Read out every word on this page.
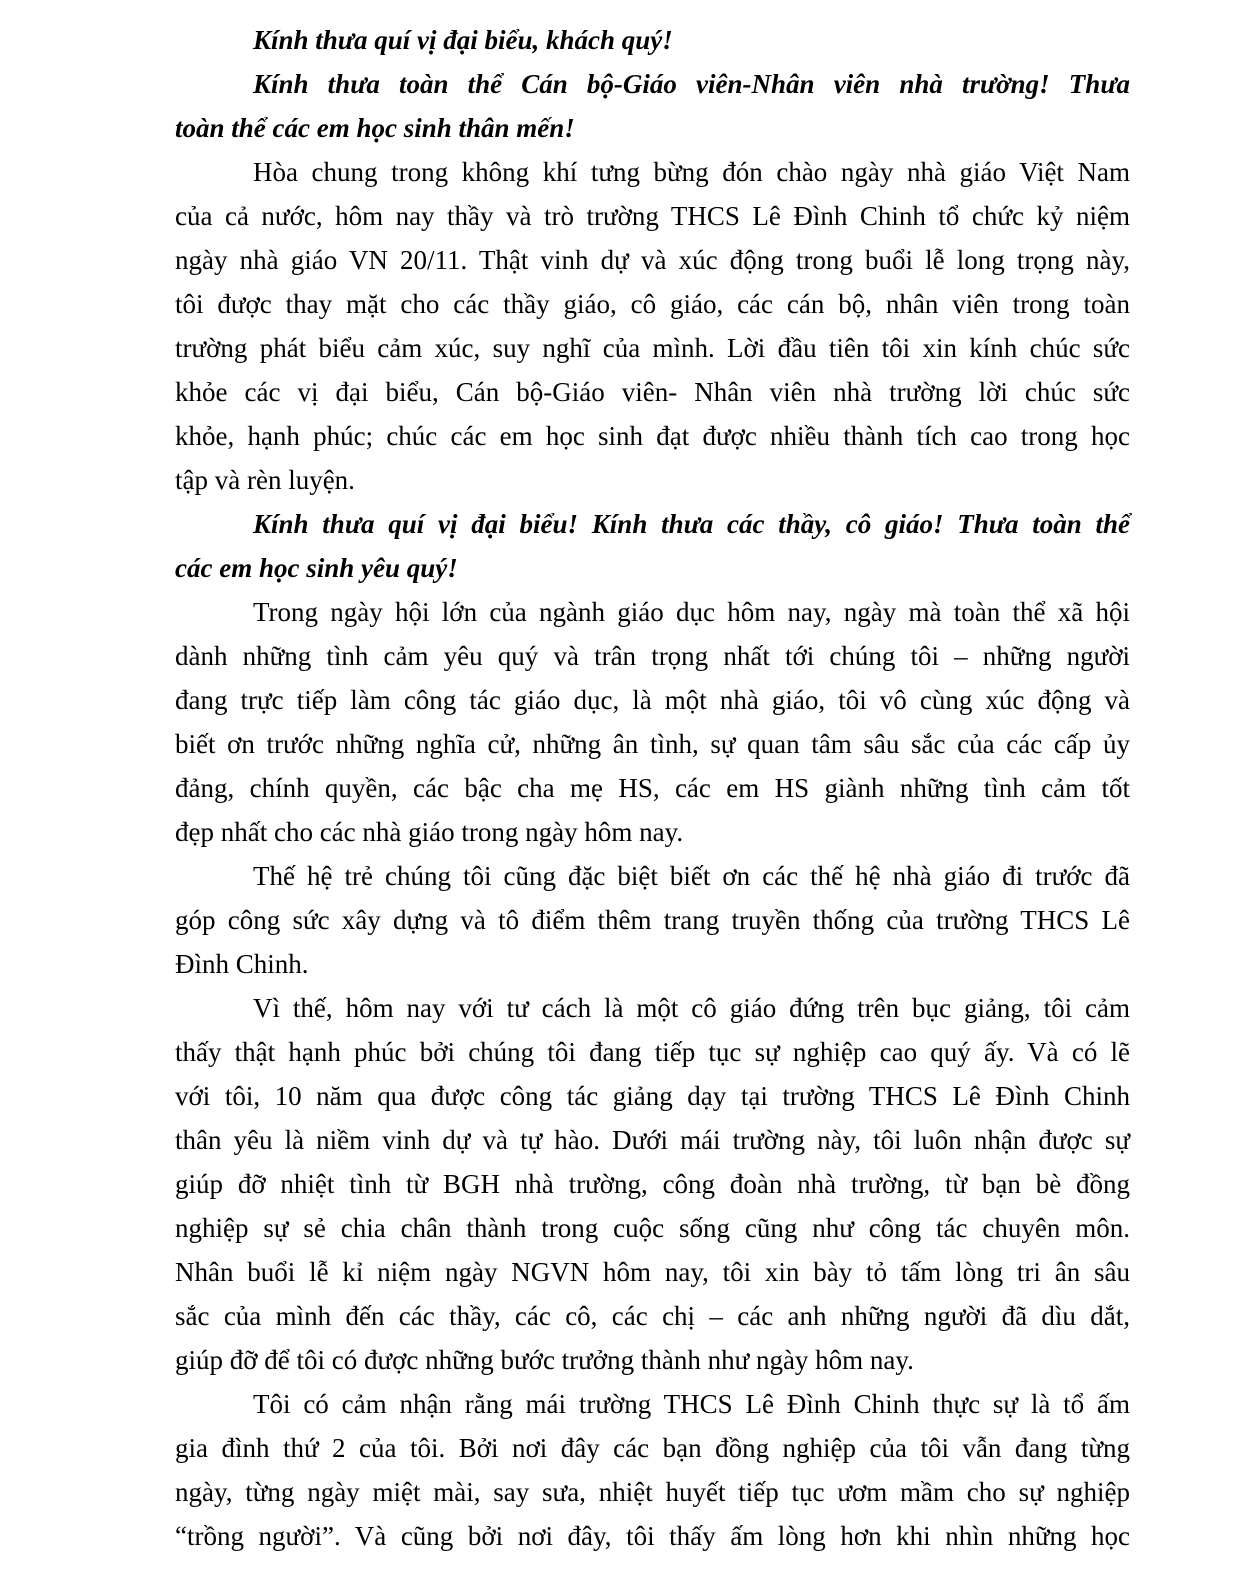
Kính thưa quí vị đại biểu, khách quý!
Kính thưa toàn thể Cán bộ-Giáo viên-Nhân viên nhà trường! Thưa
toàn thể các em học sinh thân mến!
Hòa chung trong không khí tưng bừng đón chào ngày nhà giáo Việt Nam
của cả nước, hôm nay thầy và trò trường THCS Lê Đình Chinh tổ chức kỷ niệm
ngày nhà giáo VN 20/11. Thật vinh dự và xúc động trong buổi lễ long trọng này,
tôi được thay mặt cho các thầy giáo, cô giáo, các cán bộ, nhân viên trong toàn
trường phát biểu cảm xúc, suy nghĩ của mình. Lời đầu tiên tôi xin kính chúc sức
khỏe các vị đại biểu, Cán bộ-Giáo viên- Nhân viên nhà trường lời chúc sức
khỏe, hạnh phúc; chúc các em học sinh đạt được nhiều thành tích cao trong học
tập và rèn luyện.
Kính thưa quí vị đại biểu! Kính thưa các thầy, cô giáo! Thưa toàn thể
các em học sinh yêu quý!
Trong ngày hội lớn của ngành giáo dục hôm nay, ngày mà toàn thể xã hội
dành những tình cảm yêu quý và trân trọng nhất tới chúng tôi – những người
đang trực tiếp làm công tác giáo dục, là một nhà giáo, tôi vô cùng xúc động và
biết ơn trước những nghĩa cử, những ân tình, sự quan tâm sâu sắc của các cấp ủy
đảng, chính quyền, các bậc cha mẹ HS, các em HS giành những tình cảm tốt
đẹp nhất cho các nhà giáo trong ngày hôm nay.
Thế hệ trẻ chúng tôi cũng đặc biệt biết ơn các thế hệ nhà giáo đi trước đã
góp công sức xây dựng và tô điểm thêm trang truyền thống của trường THCS Lê
Đình Chinh.
Vì thế, hôm nay với tư cách là một cô giáo đứng trên bục giảng, tôi cảm
thấy thật hạnh phúc bởi chúng tôi đang tiếp tục sự nghiệp cao quý ấy. Và có lẽ
với tôi, 10 năm qua được công tác giảng dạy tại trường THCS Lê Đình Chinh
thân yêu là niềm vinh dự và tự hào. Dưới mái trường này, tôi luôn nhận được sự
giúp đỡ nhiệt tình từ BGH nhà trường, công đoàn nhà trường, từ bạn bè đồng
nghiệp sự sẻ chia chân thành trong cuộc sống cũng như công tác chuyên môn.
Nhân buổi lễ kỉ niệm ngày NGVN hôm nay, tôi xin bày tỏ tấm lòng tri ân sâu
sắc của mình đến các thầy, các cô, các chị – các anh những người đã dìu dắt,
giúp đỡ để tôi có được những bước trưởng thành như ngày hôm nay.
Tôi có cảm nhận rằng mái trường THCS Lê Đình Chinh thực sự là tổ ấm
gia đình thứ 2 của tôi. Bởi nơi đây các bạn đồng nghiệp của tôi vẫn đang từng
ngày, từng ngày miệt mài, say sưa, nhiệt huyết tiếp tục ươm mầm cho sự nghiệp
“trồng người”. Và cũng bởi nơi đây, tôi thấy ấm lòng hơn khi nhìn những học
